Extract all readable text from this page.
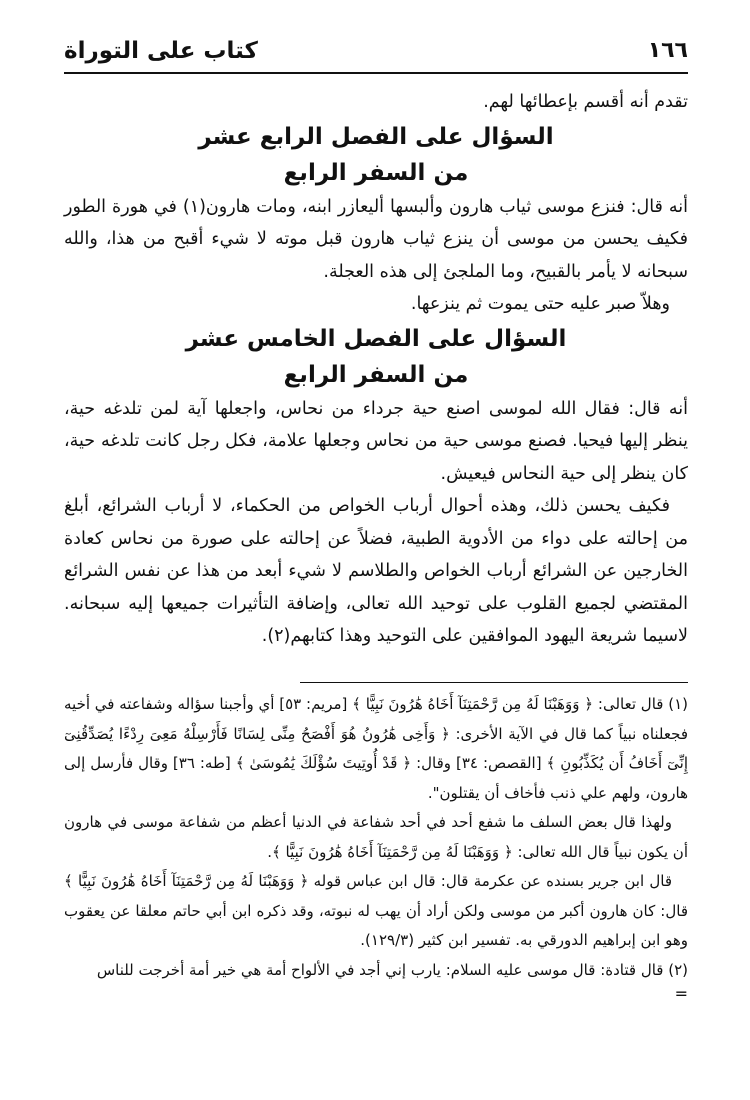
١٦٦
كتاب على التوراة

تقدم أنه أقسم بإعطائها لهم.

السؤال على الفصل الرابع عشر

من السفر الرابع

أنه قال: فنزع موسى ثياب هارون وألبسها أليعازر ابنه، ومات هارون(١) في هورة الطور فكيف يحسن من موسى أن ينزع ثياب هارون قبل موته لا شيء أقبح من هذا، والله سبحانه لا يأمر بالقبيح، وما الملجئ إلى هذه العجلة.

وهلاّ صبر عليه حتى يموت ثم ينزعها.

السؤال على الفصل الخامس عشر

من السفر الرابع

أنه قال: فقال الله لموسى اصنع حية جرداء من نحاس، واجعلها آية لمن تلدغه حية، ينظر إليها فيحيا. فصنع موسى حية من نحاس وجعلها علامة، فكل رجل كانت تلدغه حية، كان ينظر إلى حية النحاس فيعيش.

فكيف يحسن ذلك، وهذه أحوال أرباب الخواص من الحكماء، لا أرباب الشرائع، أبلغ من إحالته على دواء من الأدوية الطبية، فضلاً عن إحالته على صورة من نحاس كعادة الخارجين عن الشرائع أرباب الخواص والطلاسم لا شيء أبعد من هذا عن نفس الشرائع المقتضي لجميع القلوب على توحيد الله تعالى، وإضافة التأثيرات جميعها إليه سبحانه. لاسيما شريعة اليهود الموافقين على التوحيد وهذا كتابهم(٢).

(١) قال تعالى: ﴿ وَوَهَبْنَا لَهُ مِن رَّحْمَتِنَآ أَخَاهُ هَٰرُونَ نَبِيًّا ﴾ [مريم: ٥٣] أي وأجبنا سؤاله وشفاعته في أخيه فجعلناه نبياً كما قال في الآية الأخرى: ﴿ وَأَخِى هَٰرُونُ هُوَ أَفْصَحُ مِنِّى لِسَانًا فَأَرْسِلْهُ مَعِىَ رِدْءًا يُصَدِّقُنِىٓ إِنِّىٓ أَخَافُ أَن يُكَذِّبُونِ ﴾ [القصص: ٣٤] وقال: ﴿ قَدْ أُوتِيتَ سُؤْلَكَ يَٰمُوسَىٰ ﴾ [طه: ٣٦] وقال فأرسل إلى هارون، ولهم علي ذنب فأخاف أن يقتلون".

ولهذا قال بعض السلف ما شفع أحد في أحد شفاعة في الدنيا أعظم من شفاعة موسى في هارون أن يكون نبياً قال الله تعالى: ﴿ وَوَهَبْنَا لَهُ مِن رَّحْمَتِنَآ أَخَاهُ هَٰرُونَ نَبِيًّا ﴾.

قال ابن جرير بسنده عن عكرمة قال: قال ابن عباس قوله ﴿ وَوَهَبْنَا لَهُ مِن رَّحْمَتِنَآ أَخَاهُ هَٰرُونَ نَبِيًّا ﴾ قال: كان هارون أكبر من موسى ولكن أراد أن يهب له نبوته، وقد ذكره ابن أبي حاتم معلقا عن يعقوب وهو ابن إبراهيم الدورقي به. تفسير ابن كثير (١٢٩/٣).

(٢) قال قتادة: قال موسى عليه السلام: يارب إني أجد في الألواح أمة هي خير أمة أخرجت للناس

=
